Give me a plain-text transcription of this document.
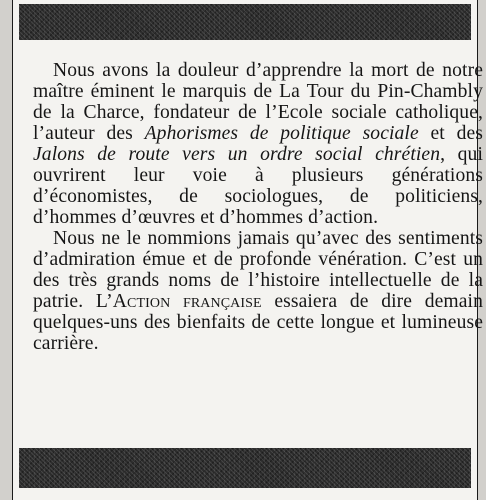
Nous avons la douleur d’apprendre la mort de notre maître éminent le marquis de La Tour du Pin-Chambly de la Charce, fondateur de l’Ecole sociale catholique, l’auteur des Aphorismes de politique sociale et des Jalons de route vers un ordre social chrétien, qui ouvrirent leur voie à plusieurs générations d’économistes, de sociologues, de politiciens, d’hommes d’œuvres et d’hommes d’action.

Nous ne le nommions jamais qu’avec des sentiments d’admiration émue et de profonde vénération. C’est un des très grands noms de l’histoire intellectuelle de la patrie. L’Action française essaiera de dire demain quelques-uns des bienfaits de cette longue et lumineuse carrière.
